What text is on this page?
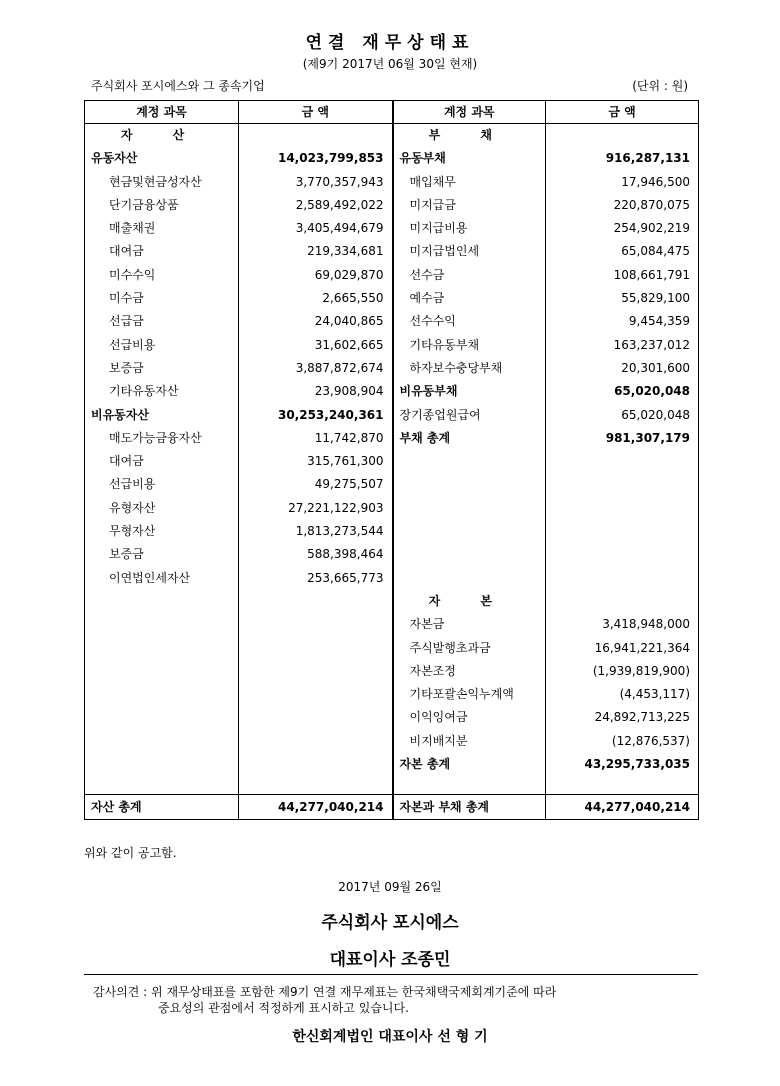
연결 재무상태표
(제9기 2017년 06월 30일 현재)
주식회사 포시에스와 그 종속기업	(단위 : 원)
계정 과목	금 액	계정 과목	금 액
자 산		부 채	
유동자산	14,023,799,853	유동부채	916,287,131
현금및현금성자산	3,770,357,943	매입채무	17,946,500
단기금융상품	2,589,492,022	미지급금	220,870,075
매출채권	3,405,494,679	미지급비용	254,902,219
대여금	219,334,681	미지급법인세	65,084,475
미수수익	69,029,870	선수금	108,661,791
미수금	2,665,550	예수금	55,829,100
선급금	24,040,865	선수수익	9,454,359
선급비용	31,602,665	기타유동부채	163,237,012
보증금	3,887,872,674	하자보수충당부채	20,301,600
기타유동자산	23,908,904	비유동부채	65,020,048
비유동자산	30,253,240,361	장기종업원급여	65,020,048
매도가능금융자산	11,742,870	부채 총계	981,307,179
대여금	315,761,300		
선급비용	49,275,507		
유형자산	27,221,122,903		
무형자산	1,813,273,544		
보증금	588,398,464		
이연법인세자산	253,665,773		
		자 본	
		자본금	3,418,948,000
		주식발행초과금	16,941,221,364
		자본조정	(1,939,819,900)
		기타포괄손익누계액	(4,453,117)
		이익잉여금	24,892,713,225
		비지배지분	(12,876,537)
		자본 총계	43,295,733,035

자산 총계	44,277,040,214	자본과 부채 총계	44,277,040,214
위와 같이 공고함.
2017년 09월 26일
주식회사 포시에스
대표이사 조종민
감사의견 : 위 재무상태표를 포함한 제9기 연결 재무제표는 한국채택국제회계기준에 따라
중요성의 관점에서 적정하게 표시하고 있습니다.
한신회계법인 대표이사 선 형 기
